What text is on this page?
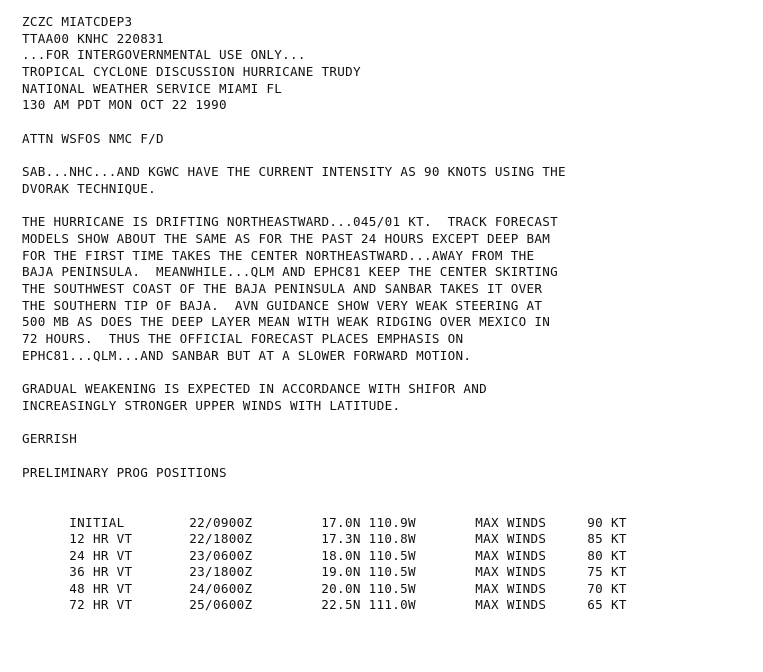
ZCZC MIATCDEP3
TTAA00 KNHC 220831
...FOR INTERGOVERNMENTAL USE ONLY...
TROPICAL CYCLONE DISCUSSION HURRICANE TRUDY
NATIONAL WEATHER SERVICE MIAMI FL
130 AM PDT MON OCT 22 1990
ATTN WSFOS NMC F/D
SAB...NHC...AND KGWC HAVE THE CURRENT INTENSITY AS 90 KNOTS USING THE
DVORAK TECHNIQUE.
THE HURRICANE IS DRIFTING NORTHEASTWARD...045/01 KT.  TRACK FORECAST
MODELS SHOW ABOUT THE SAME AS FOR THE PAST 24 HOURS EXCEPT DEEP BAM
FOR THE FIRST TIME TAKES THE CENTER NORTHEASTWARD...AWAY FROM THE
BAJA PENINSULA.  MEANWHILE...QLM AND EPHC81 KEEP THE CENTER SKIRTING
THE SOUTHWEST COAST OF THE BAJA PENINSULA AND SANBAR TAKES IT OVER
THE SOUTHERN TIP OF BAJA.  AVN GUIDANCE SHOW VERY WEAK STEERING AT
500 MB AS DOES THE DEEP LAYER MEAN WITH WEAK RIDGING OVER MEXICO IN
72 HOURS.  THUS THE OFFICIAL FORECAST PLACES EMPHASIS ON
EPHC81...QLM...AND SANBAR BUT AT A SLOWER FORWARD MOTION.
GRADUAL WEAKENING IS EXPECTED IN ACCORDANCE WITH SHIFOR AND
INCREASINGLY STRONGER UPPER WINDS WITH LATITUDE.
GERRISH
PRELIMINARY PROG POSITIONS

INITIAL	22/0900Z	17.0N 110.9W	MAX WINDS	90 KT

12 HR VT	22/1800Z	17.3N 110.8W	MAX WINDS	85 KT

24 HR VT	23/0600Z	18.0N 110.5W	MAX WINDS	80 KT

36 HR VT	23/1800Z	19.0N 110.5W	MAX WINDS	75 KT

48 HR VT	24/0600Z	20.0N 110.5W	MAX WINDS	70 KT

72 HR VT	25/0600Z	22.5N 111.0W	MAX WINDS	65 KT
